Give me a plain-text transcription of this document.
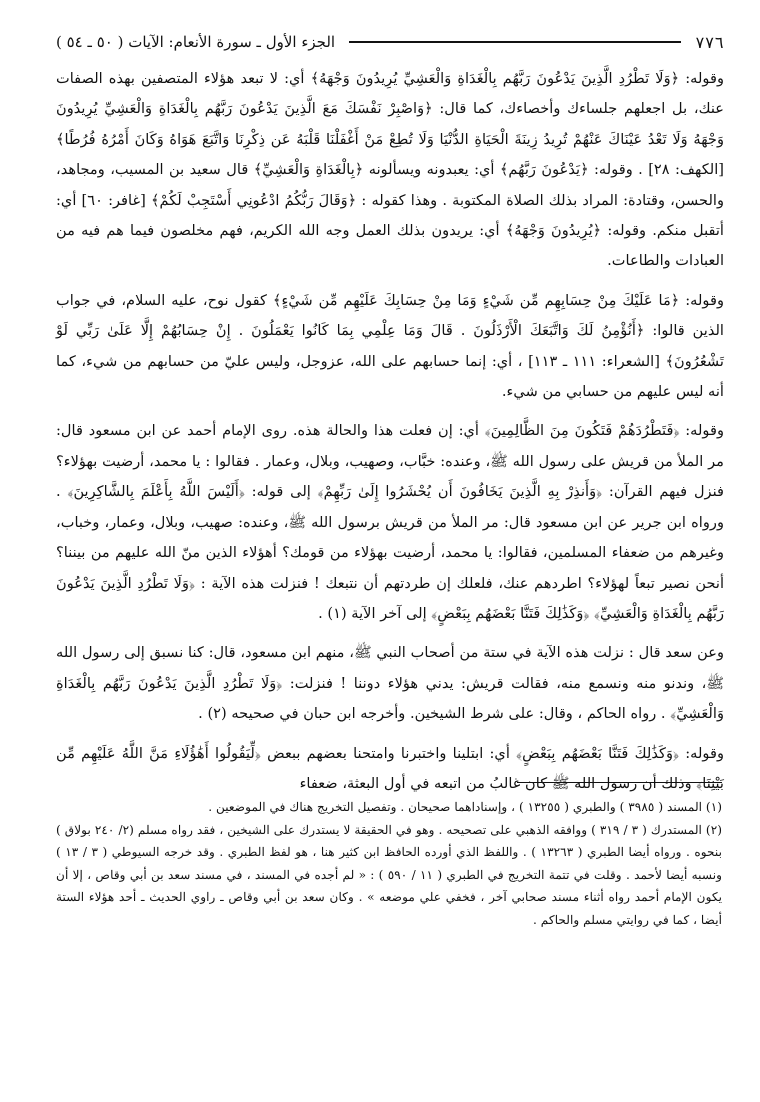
٧٧٦
الجزء الأول ـ سورة الأنعام: الآيات ( ٥٠ ـ ٥٤ )

وقوله: ﴿وَلَا تَطْرُدِ الَّذِينَ يَدْعُونَ رَبَّهُم بِالْغَدَاةِ وَالْعَشِيِّ يُرِيدُونَ وَجْهَهُ﴾ أي: لا تبعد هؤلاء المتصفين بهذه الصفات عنك، بل اجعلهم جلساءك وأخصاءك، كما قال: ﴿وَاصْبِرْ نَفْسَكَ مَعَ الَّذِينَ يَدْعُونَ رَبَّهُم بِالْغَدَاةِ وَالْعَشِيِّ يُرِيدُونَ وَجْهَهُ وَلَا تَعْدُ عَيْنَاكَ عَنْهُمْ تُرِيدُ زِينَةَ الْحَيَاةِ الدُّنْيَا وَلَا تُطِعْ مَنْ أَغْفَلْنَا قَلْبَهُ عَن ذِكْرِنَا وَاتَّبَعَ هَوَاهُ وَكَانَ أَمْرُهُ فُرُطًا﴾ [الكهف: ٢٨] . وقوله: ﴿يَدْعُونَ رَبَّهُم﴾ أي: يعبدونه ويسألونه ﴿بِالْغَدَاةِ وَالْعَشِيِّ﴾ قال سعيد بن المسيب، ومجاهد، والحسن، وقتادة: المراد بذلك الصلاة المكتوبة . وهذا كقوله : ﴿وَقَالَ رَبُّكُمُ ادْعُونِي أَسْتَجِبْ لَكُمْ﴾ [غافر: ٦٠] أي: أتقبل منكم. وقوله: ﴿يُرِيدُونَ وَجْهَهُ﴾ أي: يريدون بذلك العمل وجه الله الكريم، فهم مخلصون فيما هم فيه من العبادات والطاعات.

وقوله: ﴿مَا عَلَيْكَ مِنْ حِسَابِهِم مِّن شَيْءٍ وَمَا مِنْ حِسَابِكَ عَلَيْهِم مِّن شَيْءٍ﴾ كقول نوح، عليه السلام، في جواب الذين قالوا: ﴿أَنُؤْمِنُ لَكَ وَاتَّبَعَكَ الْأَرْذَلُونَ . قَالَ وَمَا عِلْمِي بِمَا كَانُوا يَعْمَلُونَ . إِنْ حِسَابُهُمْ إِلَّا عَلَىٰ رَبِّي لَوْ تَشْعُرُونَ﴾ [الشعراء: ١١١ ـ ١١٣] ، أي: إنما حسابهم على الله، عزوجل، وليس عليّ من حسابهم من شيء، كما أنه ليس عليهم من حسابي من شيء.

وقوله: ﴿فَتَطْرُدَهُمْ فَتَكُونَ مِنَ الظَّالِمِينَ﴾ أي: إن فعلت هذا والحالة هذه. روى الإمام أحمد عن ابن مسعود قال: مر الملأ من قريش على رسول الله ﷺ، وعنده: خبَّاب، وصهيب، وبلال، وعمار . فقالوا : يا محمد، أرضيت بهؤلاء؟ فنزل فيهم القرآن: ﴿وَأَنذِرْ بِهِ الَّذِينَ يَخَافُونَ أَن يُحْشَرُوا إِلَىٰ رَبِّهِمْ﴾ إلى قوله: ﴿أَلَيْسَ اللَّهُ بِأَعْلَمَ بِالشَّاكِرِينَ﴾ . ورواه ابن جرير عن ابن مسعود قال: مر الملأ من قريش برسول الله ﷺ، وعنده: صهيب، وبلال، وعمار، وخباب، وغيرهم من ضعفاء المسلمين، فقالوا: يا محمد، أرضيت بهؤلاء من قومك؟ أهؤلاء الذين منّ الله عليهم من بيننا؟ أنحن نصير تبعاً لهؤلاء؟ اطردهم عنك، فلعلك إن طردتهم أن نتبعك ! فنزلت هذه الآية : ﴿وَلَا تَطْرُدِ الَّذِينَ يَدْعُونَ رَبَّهُم بِالْغَدَاةِ وَالْعَشِيِّ﴾ ﴿وَكَذَٰلِكَ فَتَنَّا بَعْضَهُم بِبَعْضٍ﴾ إلى آخر الآية (١) .

وعن سعد قال : نزلت هذه الآية في ستة من أصحاب النبي ﷺ، منهم ابن مسعود، قال: كنا نسبق إلى رسول الله ﷺ، وندنو منه ونسمع منه، فقالت قريش: يدني هؤلاء دوننا ! فنزلت: ﴿وَلَا تَطْرُدِ الَّذِينَ يَدْعُونَ رَبَّهُم بِالْغَدَاةِ وَالْعَشِيِّ﴾ . رواه الحاكم ، وقال: على شرط الشيخين. وأخرجه ابن حبان في صحيحه (٢) .

وقوله: ﴿وَكَذَٰلِكَ فَتَنَّا بَعْضَهُم بِبَعْضٍ﴾ أي: ابتلينا واختبرنا وامتحنا بعضهم ببعض ﴿لِّيَقُولُوا أَهَٰؤُلَاءِ مَنَّ اللَّهُ عَلَيْهِم مِّن بَيْنِنَا﴾ وذلك أن رسول الله ﷺ كان غالبُ من اتبعه في أول البعثة، ضعفاء

(١) المسند ( ٣٩٨٥ ) والطبري ( ١٣٢٥٥ ) ، وإسناداهما صحيحان . وتفصيل التخريج هناك في الموضعين .

(٢) المستدرك ( ٣ / ٣١٩ ) ووافقه الذهبي على تصحيحه . وهو في الحقيقة لا يستدرك على الشيخين ، فقد رواه مسلم (٢/ ٢٤٠ بولاق ) بنحوه . ورواه أيضا الطبري ( ١٣٢٦٣ ) . واللفظ الذي أورده الحافظ ابن كثير هنا ، هو لفظ الطبري . وقد خرجه السيوطي ( ٣ / ١٣ ) ونسبه أيضا لأحمد . وقلت في تتمة التخريج في الطبري ( ١١ / ٥٩٠ ) : « لم أجده في المسند ، في مسند سعد بن أبي وقاص ، إلا أن يكون الإمام أحمد رواه أثناء مسند صحابي آخر ، فخفي علي موضعه » . وكان سعد بن أبي وقاص ـ راوي الحديث ـ أحد هؤلاء الستة أيضا ، كما في روايتي مسلم والحاكم .
